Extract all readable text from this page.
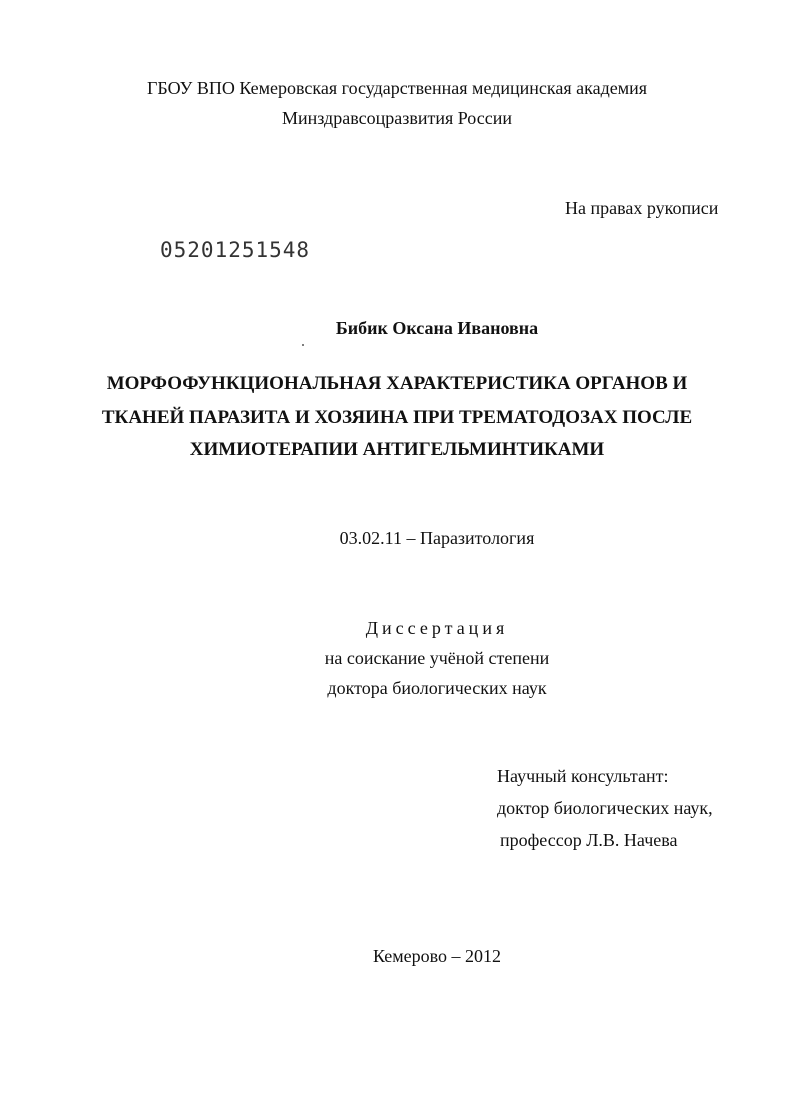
ГБОУ ВПО Кемеровская государственная медицинская академия
Минздравсоцразвития России
На правах рукописи
05201251548
Бибик Оксана Ивановна
МОРФОФУНКЦИОНАЛЬНАЯ ХАРАКТЕРИСТИКА ОРГАНОВ И
ТКАНЕЙ ПАРАЗИТА И ХОЗЯИНА ПРИ ТРЕМАТОДОЗАХ ПОСЛЕ
ХИМИОТЕРАПИИ АНТИГЕЛЬМИНТИКАМИ
03.02.11 – Паразитология
Диссертация
на соискание учёной степени
доктора биологических наук
Научный консультант:
доктор биологических наук,
профессор Л.В. Начева
Кемерово – 2012
